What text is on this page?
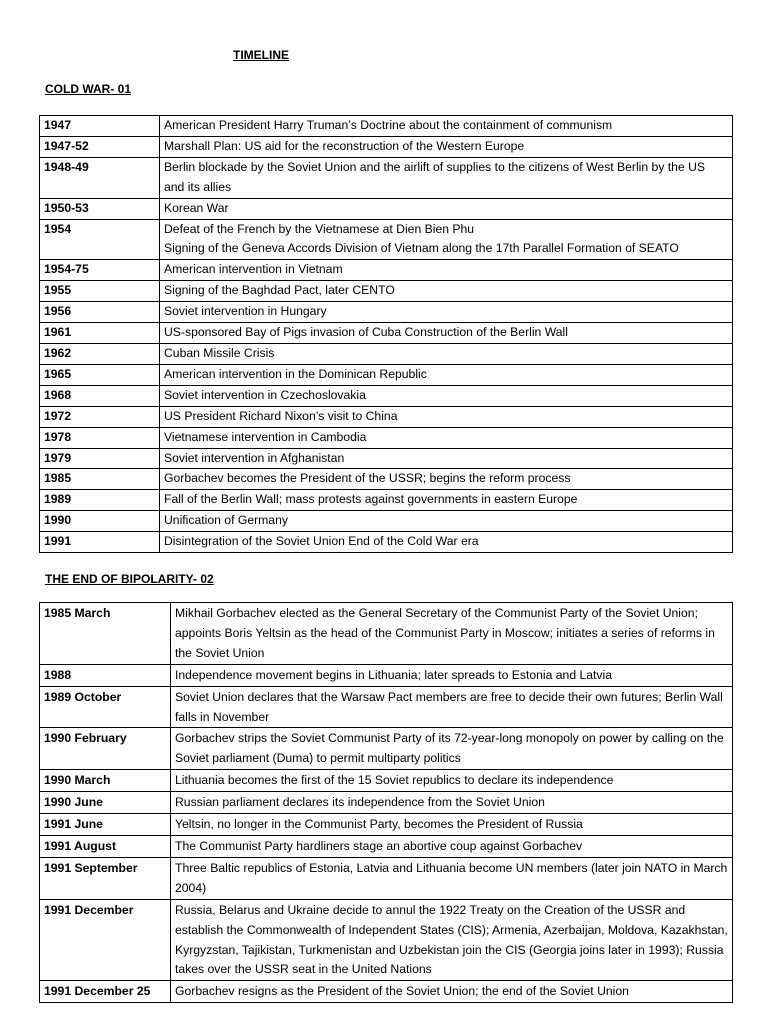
TIMELINE
COLD WAR- 01
1947	American President Harry Truman’s Doctrine about the containment of communism
1947-52	Marshall Plan: US aid for the reconstruction of the Western Europe
1948-49	Berlin blockade by the Soviet Union and the airlift of supplies to the citizens of West Berlin by the US and its allies
1950-53	Korean War
1954	Defeat of the French by the Vietnamese at Dien Bien Phu
Signing of the Geneva Accords Division of Vietnam along the 17th Parallel Formation of SEATO

1954-75	American intervention in Vietnam
1955	Signing of the Baghdad Pact, later CENTO
1956	Soviet intervention in Hungary
1961	US-sponsored Bay of Pigs invasion of Cuba Construction of the Berlin Wall
1962	Cuban Missile Crisis
1965	American intervention in the Dominican Republic
1968	Soviet intervention in Czechoslovakia
1972	US President Richard Nixon’s visit to China
1978	Vietnamese intervention in Cambodia
1979	Soviet intervention in Afghanistan
1985	Gorbachev becomes the President of the USSR; begins the reform process
1989	Fall of the Berlin Wall; mass protests against governments in eastern Europe
1990	Unification of Germany
1991	Disintegration of the Soviet Union End of the Cold War era
THE END OF BIPOLARITY- 02
1985 March	Mikhail Gorbachev elected as the General Secretary of the Communist Party of the Soviet Union; appoints Boris Yeltsin as the head of the Communist Party in Moscow; initiates a series of reforms in the Soviet Union
1988	Independence movement begins in Lithuania; later spreads to Estonia and Latvia
1989 October	Soviet Union declares that the Warsaw Pact members are free to decide their own futures; Berlin Wall falls in November
1990 February	Gorbachev strips the Soviet Communist Party of its 72-year-long monopoly on power by calling on the Soviet parliament (Duma) to permit multiparty politics
1990 March	Lithuania becomes the first of the 15 Soviet republics to declare its independence
1990 June	Russian parliament declares its independence from the Soviet Union
1991 June	Yeltsin, no longer in the Communist Party, becomes the President of Russia
1991 August	The Communist Party hardliners stage an abortive coup against Gorbachev
1991 September	Three Baltic republics of Estonia, Latvia and Lithuania become UN members (later join NATO in March 2004)
1991 December	Russia, Belarus and Ukraine decide to annul the 1922 Treaty on the Creation of the USSR and establish the Commonwealth of Independent States (CIS); Armenia, Azerbaijan, Moldova, Kazakhstan, Kyrgyzstan, Tajikistan, Turkmenistan and Uzbekistan join the CIS (Georgia joins later in 1993); Russia takes over the USSR seat in the United Nations
1991 December 25	Gorbachev resigns as the President of the Soviet Union; the end of the Soviet Union
